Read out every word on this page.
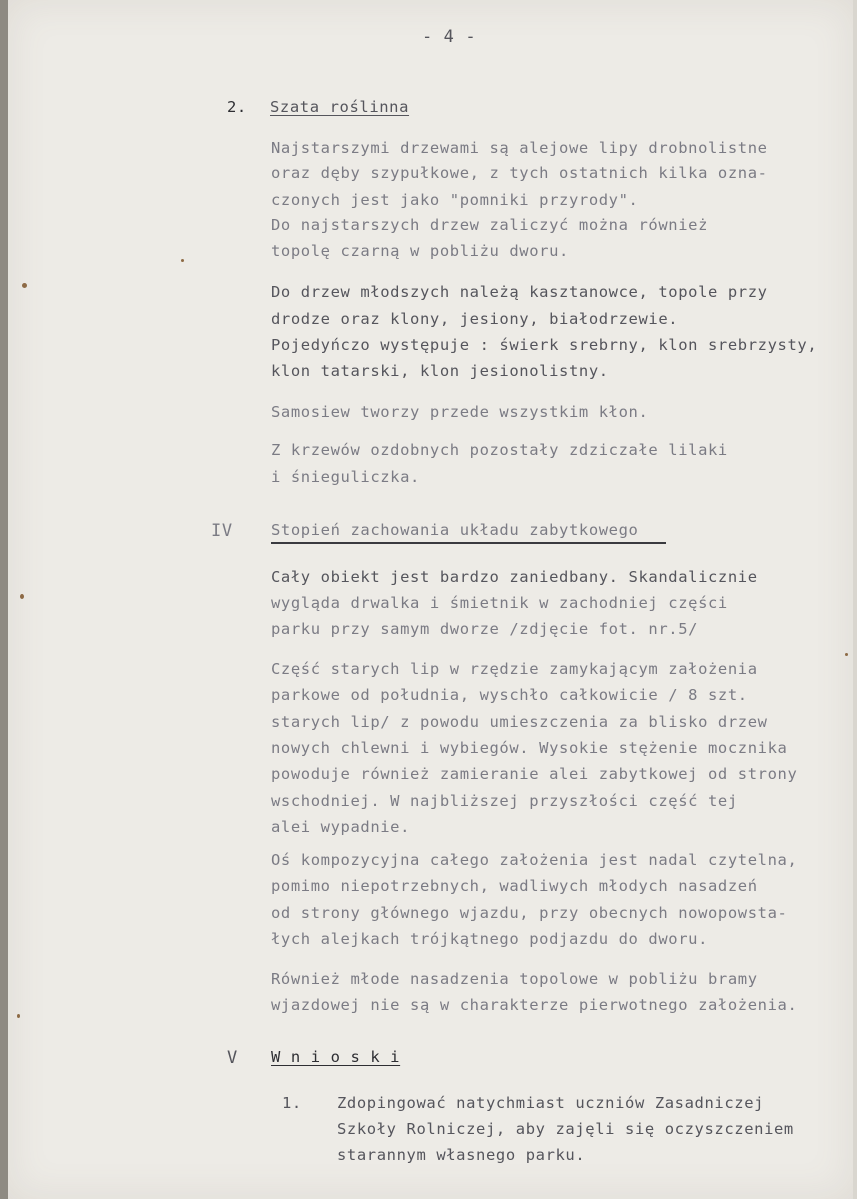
- 4 -
2. Szata roślinna
Najstarszymi drzewami są alejowe lipy drobnolistne
oraz dęby szypułkowe, z tych ostatnich kilka ozna-
czonych jest jako "pomniki przyrody".
Do najstarszych drzew zaliczyć można również
topolę czarną w pobliżu dworu.
Do drzew młodszych należą kasztanowce, topole przy
drodze oraz klony, jesiony, białodrzewie.
Pojedyńczo występuje : świerk srebrny, klon srebrzysty,
klon tatarski, klon jesionolistny.
Samosiew tworzy przede wszystkim kłon.
Z krzewów ozdobnych pozostały zdziczałe lilaki
i śnieguliczka.
IV Stopień zachowania układu zabytkowego
Cały obiekt jest bardzo zaniedbany. Skandalicznie
wygląda drwalka i śmietnik w zachodniej części
parku przy samym dworze /zdjęcie fot. nr.5/
Część starych lip w rzędzie zamykającym założenia
parkowe od południa, wyschło całkowicie / 8 szt.
starych lip/ z powodu umieszczenia za blisko drzew
nowych chlewni i wybiegów. Wysokie stężenie mocznika
powoduje również zamieranie alei zabytkowej od strony
wschodniej. W najbliższej przyszłości część tej
alei wypadnie.
Oś kompozycyjna całego założenia jest nadal czytelna,
pomimo niepotrzebnych, wadliwych młodych nasadzeń
od strony głównego wjazdu, przy obecnych nowopowsta-
łych alejkach trójkątnego podjazdu do dworu.
Również młode nasadzenia topolowe w pobliżu bramy
wjazdowej nie są w charakterze pierwotnego założenia.
V W n i o s k i
1. Zdopingować natychmiast uczniów Zasadniczej
Szkoły Rolniczej, aby zajęli się oczyszczeniem
starannym własnego parku.
